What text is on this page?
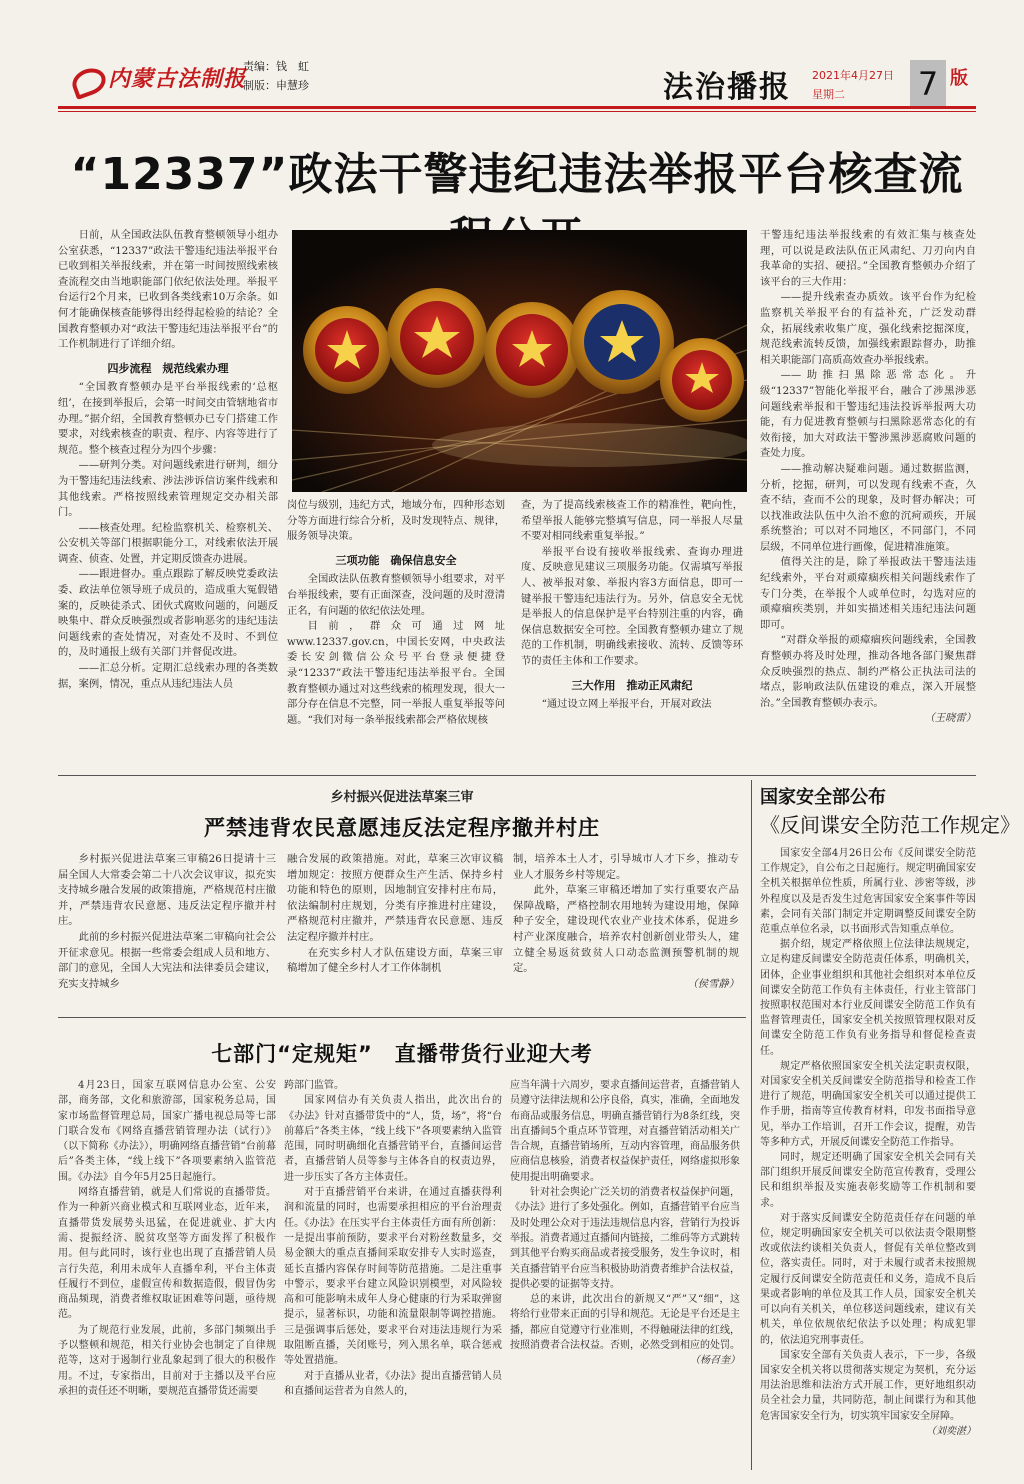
内蒙古法制报
责编：钱　虹
制版：申慧珍	法治播报 2021年4月27日
星期二	7 版
“12337”政法干警违纪违法举报平台核查流

日前，从全国政法队伍教育整顿领导小组办公室获悉，“12337”政法干警违纪违法举报平台已收到相关举报线索，并在第一时间按照线索核查流程交由当地职能部门依纪依法处理。举报平台运行2个月来，已收到各类线索10万余条。如何才能确保核查能够得出经得起检验的结论？全国教育整顿办对“政法干警违纪违法举报平台”的工作机制进行了详细介绍。

四步流程　规范线索办理

“全国教育整顿办是平台举报线索的‘总枢纽’，在接到举报后，会第一时间交由管辖地省市办理。”据介绍，全国教育整顿办已专门搭建工作要求，对线索核查的职责、程序、内容等进行了规范。整个核查过程分为四个步骤：

——研判分类。对问题线索进行研判，细分为干警违纪违法线索、涉法涉诉信访案件线索和其他线索。严格按照线索管理规定交办相关部门。

——核查处理。纪检监察机关、检察机关、公安机关等部门根据职能分工，对线索依法开展调查、侦查、处置，并定期反馈查办进展。

——跟进督办。重点跟踪了解反映党委政法委、政法单位领导班子成员的，造成重大冤假错案的，反映徒杀式、团伙式腐败问题的，问题反映集中、群众反映强烈或者影响恶劣的违纪违法问题线索的查处情况，对查处不及时、不到位的，及时通报上级有关部门并督促改进。

——汇总分析。定期汇总线索办理的各类数据，案例，情况，重点从违纪违法人员

岗位与级别，违纪方式，地域分布，四种形态划分等方面进行综合分析，及时发现特点、规律，服务领导决策。

三项功能　确保信息安全

全国政法队伍教育整顿领导小组要求，对平台举报线索，要有正面深查，没问题的及时澄清正名，有问题的依纪依法处理。

目前，群众可通过网址www.12337.gov.cn，中国长安网，中央政法委长安剑微信公众号平台登录便捷登录“12337”政法干警违纪违法举报平台。全国教育整顿办通过对这些线索的梳理发现，很大一部分存在信息不完整，同一举报人重复举报等问题。“我们对每一条举报线索都会严格依规核

查，为了提高线索核查工作的精准性，靶向性，希望举报人能够完整填写信息，同一举报人尽量不要对相同线索重复举报。”

举报平台设有接收举报线索、查询办理进度、反映意见建议三项服务功能。仅需填写举报人、被举报对象、举报内容3方面信息，即可一键举报干警违纪违法行为。另外，信息安全无忧是举报人的信息保护是平台特别注重的内容，确保信息数据安全可控。全国教育整顿办建立了规范的工作机制，明确线索接收、流转、反馈等环节的责任主体和工作要求。

三大作用　推动正风肃纪

“通过设立网上举报平台，开展对政法

干警违纪违法举报线索的有效汇集与核查处理，可以说是政法队伍正风肃纪、刀刃向内自我革命的实招、硬招。”全国教育整顿办介绍了该平台的三大作用：

——提升线索查办质效。该平台作为纪检监察机关举报平台的有益补充，广泛发动群众，拓展线索收集广度，强化线索挖掘深度，规范线索流转反馈，加强线索跟踪督办，助推相关职能部门高质高效查办举报线索。

——助推扫黑除恶常态化。升级“12337”智能化举报平台，融合了涉黑涉恶问题线索举报和干警违纪违法投诉举报两大功能，有力促进教育整顿与扫黑除恶常态化的有效衔接，加大对政法干警涉黑涉恶腐败问题的查处力度。

——推动解决疑难问题。通过数据监测，分析，挖掘，研判，可以发现有线索不查，久查不结，查而不公的现象，及时督办解决；可以找准政法队伍中久治不愈的沉疴顽疾，开展系统整治；可以对不同地区，不同部门，不同层级，不同单位进行画像，促进精准施策。

值得关注的是，除了举报政法干警违法违纪线索外，平台对顽瘴痼疾相关问题线索作了专门分类，在举报个人或单位时，勾选对应的顽瘴痼疾类别，并如实描述相关违纪违法问题即可。

“对群众举报的顽瘴痼疾问题线索，全国教育整顿办将及时处理，推动各地各部门聚焦群众反映强烈的热点、制约严格公正执法司法的堵点，影响政法队伍建设的难点，深入开展整治。”全国教育整顿办表示。

（王晓雷）

乡村振兴促进法草案三审
严禁违背农民意愿违反法定程序撤并村庄

乡村振兴促进法草案三审稿26日提请十三届全国人大常委会第二十八次会议审议，拟充实支持城乡融合发展的政策措施，严格规范村庄撤并，严禁违背农民意愿、违反法定程序撤并村庄。

此前的乡村振兴促进法草案二审稿向社会公开征求意见。根据一些常委会组成人员和地方、部门的意见，全国人大宪法和法律委员会建议，充实支持城乡

融合发展的政策措施。对此，草案三次审议稿增加规定：按照方便群众生产生活、保持乡村功能和特色的原则，因地制宜安排村庄布局，依法编制村庄规划，分类有序推进村庄建设，严格规范村庄撤并，严禁违背农民意愿、违反法定程序撤并村庄。

在充实乡村人才队伍建设方面，草案三审稿增加了健全乡村人才工作体制机

制，培养本土人才，引导城市人才下乡，推动专业人才服务乡村等规定。

此外，草案三审稿还增加了实行重要农产品保障战略，严格控制农用地转为建设用地，保障种子安全，建设现代农业产业技术体系，促进乡村产业深度融合，培养农村创新创业带头人，建立健全易返贫致贫人口动态监测预警机制的规定。

（侯雪静）

七部门“定规矩”　直播带货行业迎大考

4月23日，国家互联网信息办公室、公安部，商务部，文化和旅游部，国家税务总局，国家市场监督管理总局，国家广播电视总局等七部门联合发布《网络直播营销管理办法（试行）》（以下简称《办法》），明确网络直播营销“台前幕后”各类主体，“线上线下”各项要素纳入监管范围。《办法》自今年5月25日起施行。

网络直播营销，就是人们常说的直播带货。作为一种新兴商业模式和互联网业态，近年来，直播带货发展势头迅猛，在促进就业、扩大内需、提振经济、脱贫攻坚等方面发挥了积极作用。但与此同时，该行业也出现了直播营销人员言行失范，利用未成年人直播牟利，平台主体责任履行不到位，虚假宣传和数据造假，假冒伪劣商品频现，消费者维权取证困难等问题，亟待规范。

为了规范行业发展，此前，多部门频频出手予以整顿和规范，相关行业协会也制定了自律规范等，这对于遏制行业乱象起到了很大的积极作用。不过，专家指出，目前对于主播以及平台应承担的责任还不明晰，要规范直播带货还需要

跨部门监管。

国家网信办有关负责人指出，此次出台的《办法》针对直播带货中的“人，货，场”，将“台前幕后”各类主体，“线上线下”各项要素纳入监管范围，同时明确细化直播营销平台，直播间运营者，直播营销人员等参与主体各自的权责边界，进一步压实了各方主体责任。

对于直播营销平台来讲，在通过直播获得利润和流量的同时，也需要承担相应的平台治理责任。《办法》在压实平台主体责任方面有所创新：一是提出事前预防，要求平台对粉丝数量多，交易金额大的重点直播间采取安排专人实时巡查，延长直播内容保存时间等防范措施。二是注重事中警示，要求平台建立风险识别模型，对风险较高和可能影响未成年人身心健康的行为采取弹窗提示，显著标识，功能和流量限制等调控措施。三是强调事后惩处，要求平台对违法违规行为采取阻断直播，关闭账号，列入黑名单，联合惩戒等处置措施。

对于直播从业者，《办法》提出直播营销人员和直播间运营者为自然人的，

应当年满十六周岁，要求直播间运营者，直播营销人员遵守法律法规和公序良俗，真实，准确，全面地发布商品或服务信息，明确直播营销行为8条红线，突出直播间5个重点环节管理，对直播营销活动相关广告合规，直播营销场所，互动内容管理，商品服务供应商信息核验，消费者权益保护责任，网络虚拟形象使用提出明确要求。

针对社会舆论广泛关切的消费者权益保护问题，《办法》进行了多处强化。例如，直播营销平台应当及时处理公众对于违法违规信息内容，营销行为投诉举报。消费者通过直播间内链接，二维码等方式跳转到其他平台购买商品或者接受服务，发生争议时，相关直播营销平台应当积极协助消费者维护合法权益，提供必要的证据等支持。

总的来讲，此次出台的新规又“严”又“细”，这将给行业带来正面的引导和规范。无论是平台还是主播，都应自觉遵守行业准则，不得触碰法律的红线，按照消费者合法权益。否则，必然受到相应的处罚。

（杨召奎）

国家安全部公布
《反间谍安全防范工作规定》

国家安全部4月26日公布《反间谍安全防范工作规定》，自公布之日起施行。规定明确国家安全机关根据单位性质，所属行业、涉密等级，涉外程度以及是否发生过危害国家安全案事件等因素，会同有关部门制定并定期调整反间谍安全防范重点单位名录，以书面形式告知重点单位。

据介绍，规定严格依照上位法律法规规定，立足构建反间谍安全防范责任体系，明确机关，团体，企业事业组织和其他社会组织对本单位反间谍安全防范工作负有主体责任，行业主管部门按照职权范围对本行业反间谍安全防范工作负有监督管理责任，国家安全机关按照管理权限对反间谍安全防范工作负有业务指导和督促检查责任。

规定严格依照国家安全机关法定职责权限，对国家安全机关反间谍安全防范指导和检查工作进行了规范，明确国家安全机关可以通过提供工作手册，指南等宣传教育材料，印发书面指导意见，举办工作培训，召开工作会议，提醒，劝告等多种方式，开展反间谍安全防范工作指导。

同时，规定还明确了国家安全机关会同有关部门组织开展反间谍安全防范宣传教育，受理公民和组织举报及实施表彰奖励等工作机制和要求。

对于落实反间谍安全防范责任存在问题的单位，规定明确国家安全机关可以依法责令限期整改或依法约谈相关负责人，督促有关单位整改到位，落实责任。同时，对于未履行或者未按照规定履行反间谍安全防范责任和义务，造成不良后果或者影响的单位及其工作人员，国家安全机关可以向有关机关，单位移送问题线索，建议有关机关，单位依规依纪依法予以处理；构成犯罪的，依法追究刑事责任。

国家安全部有关负责人表示，下一步，各级国家安全机关将以贯彻落实规定为契机，充分运用法治思维和法治方式开展工作，更好地组织动员全社会力量，共同防范，制止间谍行为和其他危害国家安全行为，切实筑牢国家安全屏障。

（刘奕湛）
